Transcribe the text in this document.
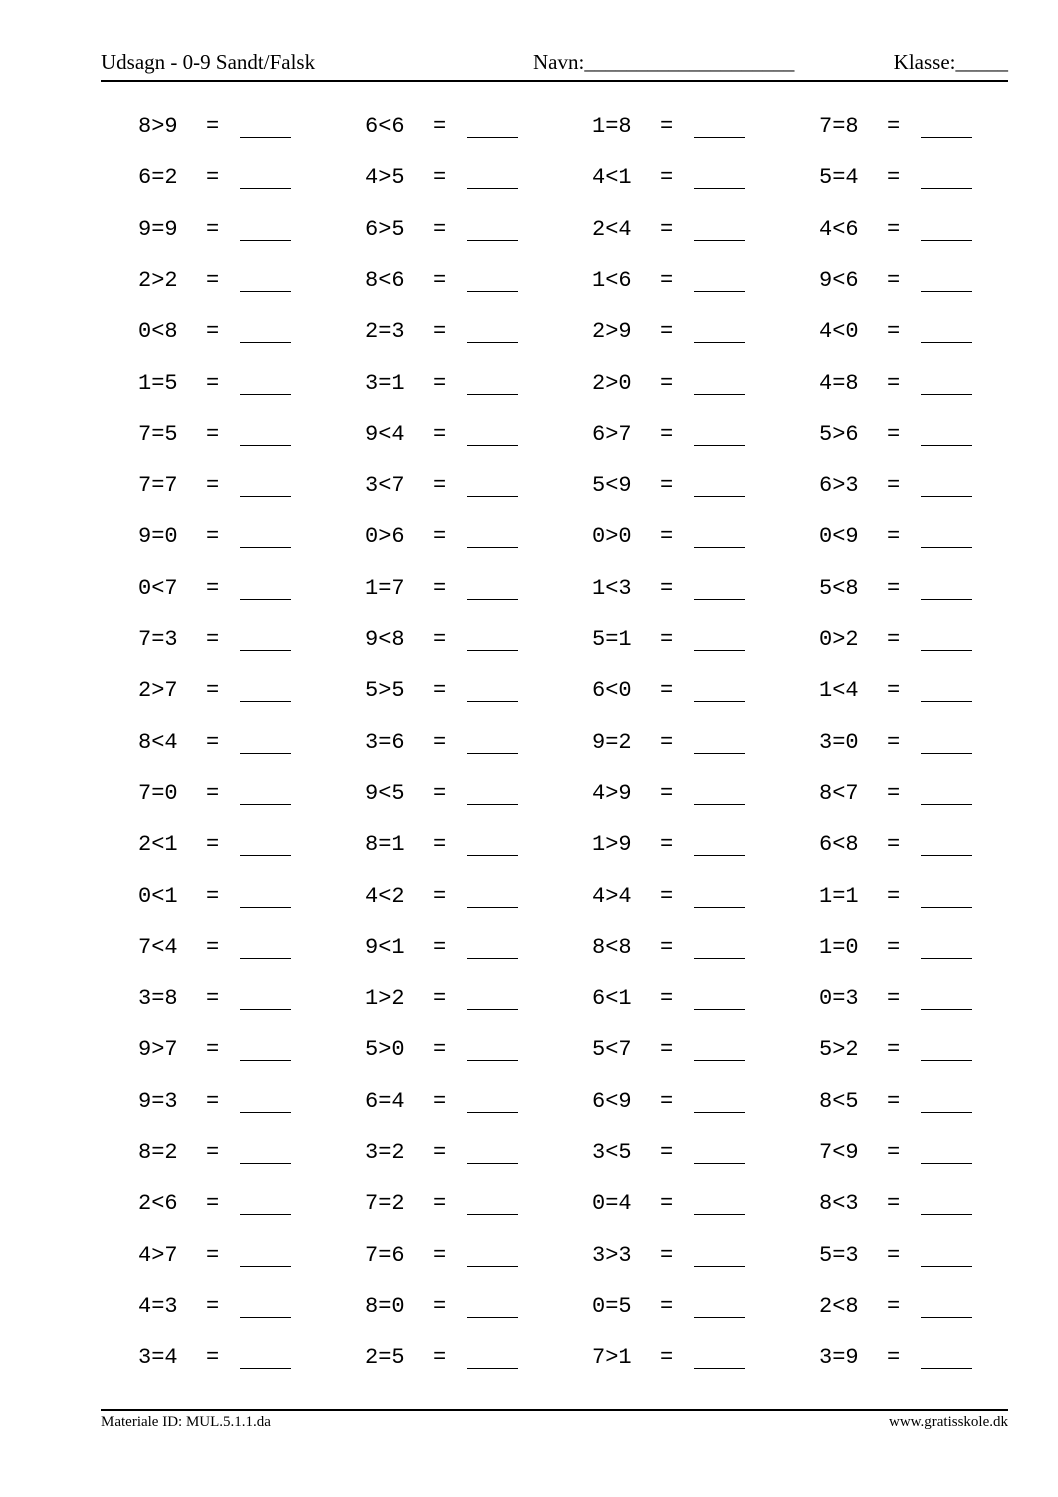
Udsagn - 0-9 Sandt/Falsk	Navn:____________________	Klasse:_____
8>9 =	6<6 =	1=8 =	7=8 =
6=2 =	4>5 =	4<1 =	5=4 =
9=9 =	6>5 =	2<4 =	4<6 =
2>2 =	8<6 =	1<6 =	9<6 =
0<8 =	2=3 =	2>9 =	4<0 =
1=5 =	3=1 =	2>0 =	4=8 =
7=5 =	9<4 =	6>7 =	5>6 =
7=7 =	3<7 =	5<9 =	6>3 =
9=0 =	0>6 =	0>0 =	0<9 =
0<7 =	1=7 =	1<3 =	5<8 =
7=3 =	9<8 =	5=1 =	0>2 =
2>7 =	5>5 =	6<0 =	1<4 =
8<4 =	3=6 =	9=2 =	3=0 =
7=0 =	9<5 =	4>9 =	8<7 =
2<1 =	8=1 =	1>9 =	6<8 =
0<1 =	4<2 =	4>4 =	1=1 =
7<4 =	9<1 =	8<8 =	1=0 =
3=8 =	1>2 =	6<1 =	0=3 =
9>7 =	5>0 =	5<7 =	5>2 =
9=3 =	6=4 =	6<9 =	8<5 =
8=2 =	3=2 =	3<5 =	7<9 =
2<6 =	7=2 =	0=4 =	8<3 =
4>7 =	7=6 =	3>3 =	5=3 =
4=3 =	8=0 =	0=5 =	2<8 =
3=4 =	2=5 =	7>1 =	3=9 =
Materiale ID: MUL.5.1.1.da	www.gratisskole.dk
